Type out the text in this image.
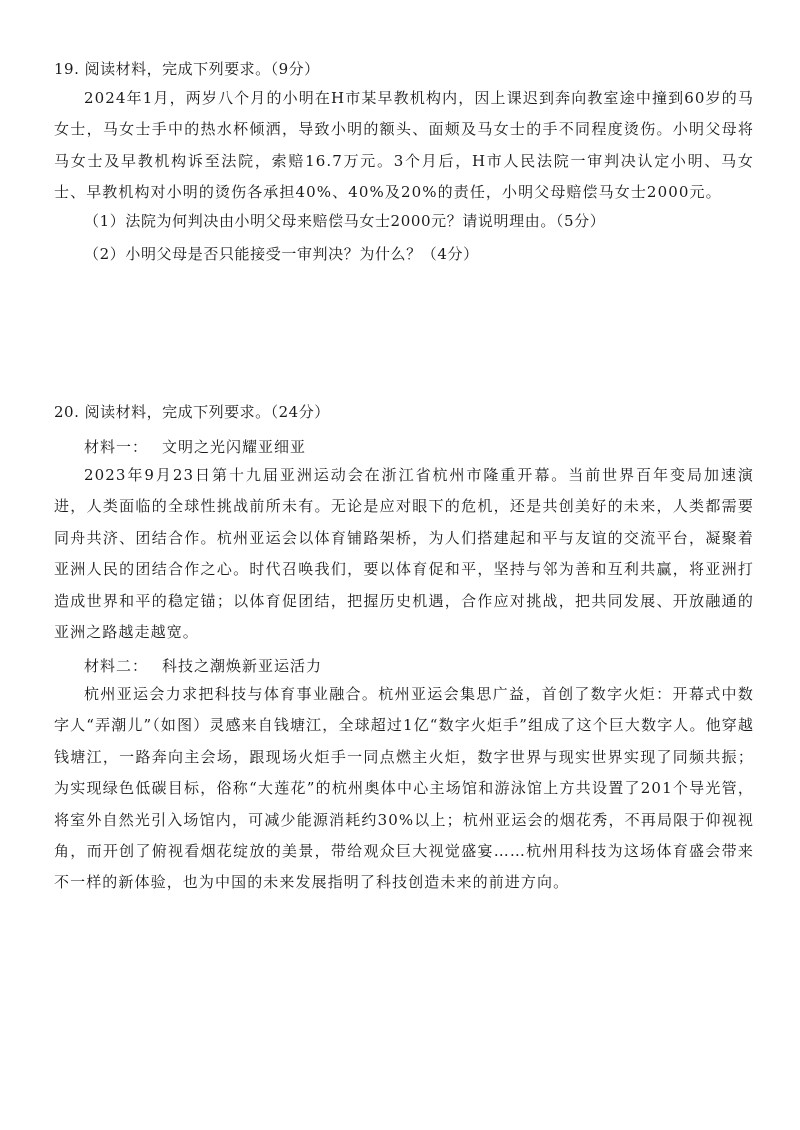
19. 阅读材料，完成下列要求。（9分）

2024年1月，两岁八个月的小明在H市某早教机构内，因上课迟到奔向教室途中撞到60岁的马女士，马女士手中的热水杯倾洒，导致小明的额头、面颊及马女士的手不同程度烫伤。小明父母将马女士及早教机构诉至法院，索赔16.7万元。3个月后，H市人民法院一审判决认定小明、马女士、早教机构对小明的烫伤各承担40%、40%及20%的责任，小明父母赔偿马女士2000元。

（1）法院为何判决由小明父母来赔偿马女士2000元？请说明理由。（5分）
（2）小明父母是否只能接受一审判决？为什么？（4分）
20. 阅读材料，完成下列要求。（24分）
材料一： 文明之光闪耀亚细亚

2023年9月23日第十九届亚洲运动会在浙江省杭州市隆重开幕。当前世界百年变局加速演进，人类面临的全球性挑战前所未有。无论是应对眼下的危机，还是共创美好的未来，人类都需要同舟共济、团结合作。杭州亚运会以体育铺路架桥，为人们搭建起和平与友谊的交流平台，凝聚着亚洲人民的团结合作之心。时代召唤我们，要以体育促和平，坚持与邻为善和互利共赢，将亚洲打造成世界和平的稳定锚；以体育促团结，把握历史机遇，合作应对挑战，把共同发展、开放融通的亚洲之路越走越宽。

材料二： 科技之潮焕新亚运活力

杭州亚运会力求把科技与体育事业融合。杭州亚运会集思广益，首创了数字火炬：开幕式中数字人“弄潮儿”（如图）灵感来自钱塘江，全球超过1亿“数字火炬手”组成了这个巨大数字人。他穿越钱塘江，一路奔向主会场，跟现场火炬手一同点燃主火炬，数字世界与现实世界实现了同频共振；为实现绿色低碳目标，俗称“大莲花”的杭州奥体中心主场馆和游泳馆上方共设置了201个导光管，将室外自然光引入场馆内，可减少能源消耗约30%以上；杭州亚运会的烟花秀，不再局限于仰视视角，而开创了俯视看烟花绽放的美景，带给观众巨大视觉盛宴……杭州用科技为这场体育盛会带来不一样的新体验，也为中国的未来发展指明了科技创造未来的前进方向。
